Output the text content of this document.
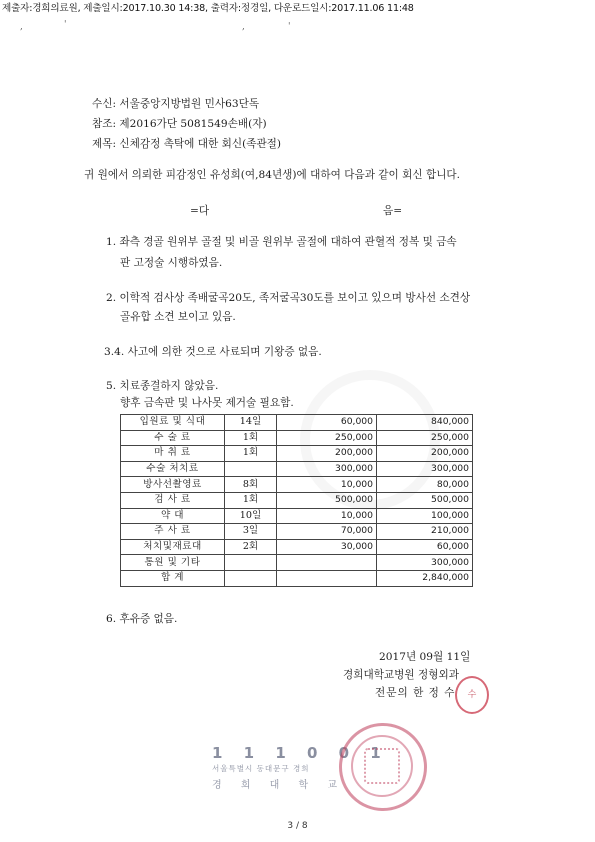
제출자:경희의료원, 제출일시:2017.10.30 14:38, 출력자:정경일, 다운로드일시:2017.11.06 11:48
,	'	,	'
수신: 서울중앙지방법원 민사63단독
참조: 제2016가단 5081549손배(자)
제목: 신체감정 촉탁에 대한 회신(족관절)
귀 원에서 의뢰한 피감정인 유성희(여,84년생)에 대하여 다음과 같이 회신 합니다.
=다	음=
1. 좌측 경골 원위부 골절 및 비골 원위부 골절에 대하여 관혈적 정복 및 금속
판 고정술 시행하였음.
2. 이학적 검사상 족배굴곡20도, 족저굴곡30도를 보이고 있으며 방사선 소견상
골유합 소견 보이고 있음.
3.4. 사고에 의한 것으로 사료되며 기왕증 없음.
5. 치료종결하지 않았음.
향후 금속판 및 나사못 제거술 필요함.
입원료 및 식대	14일	60,000	840,000
수 술 료	1회	250,000	250,000
마 취 료	1회	200,000	200,000
수술 처치료		300,000	300,000
방사선촬영료	8회	10,000	80,000
검 사 료	1회	500,000	500,000
약 대	10일	10,000	100,000
주 사 료	3일	70,000	210,000
처치및재료대	2회	30,000	60,000
통원 및 기타			300,000
합 계			2,840,000
6. 후유증 없음.
2017년 09월 11일
경희대학교병원 정형외과
전문의 한 정 수	수
1 1 1 0 0 1
서울특별시 동대문구 경희
경 희 대 학 교
3 / 8
